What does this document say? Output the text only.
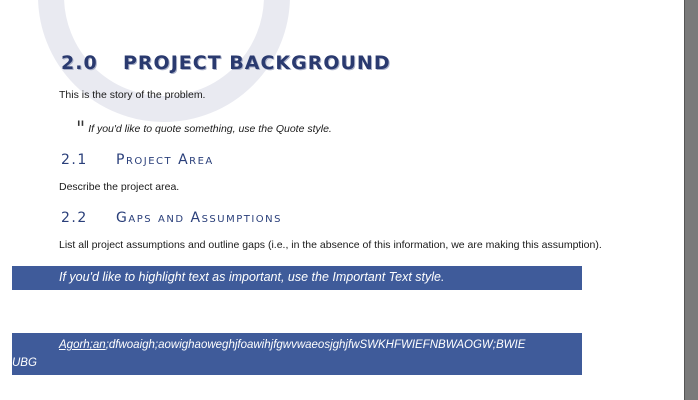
2.0 PROJECT BACKGROUND

This is the story of the problem.

" If you'd like to quote something, use the Quote style.

2.1 Project Area

Describe the project area.

2.2 Gaps and Assumptions

List all project assumptions and outline gaps (i.e., in the absence of this information, we are making this assumption).

If you'd like to highlight text as important, use the Important Text style.
Agorh;an;dfwoaigh;aowighaoweghjfoawihjfgwvwaeosjghjfwSWKHFWIEFNBWAOGW;BWIE
UBG
